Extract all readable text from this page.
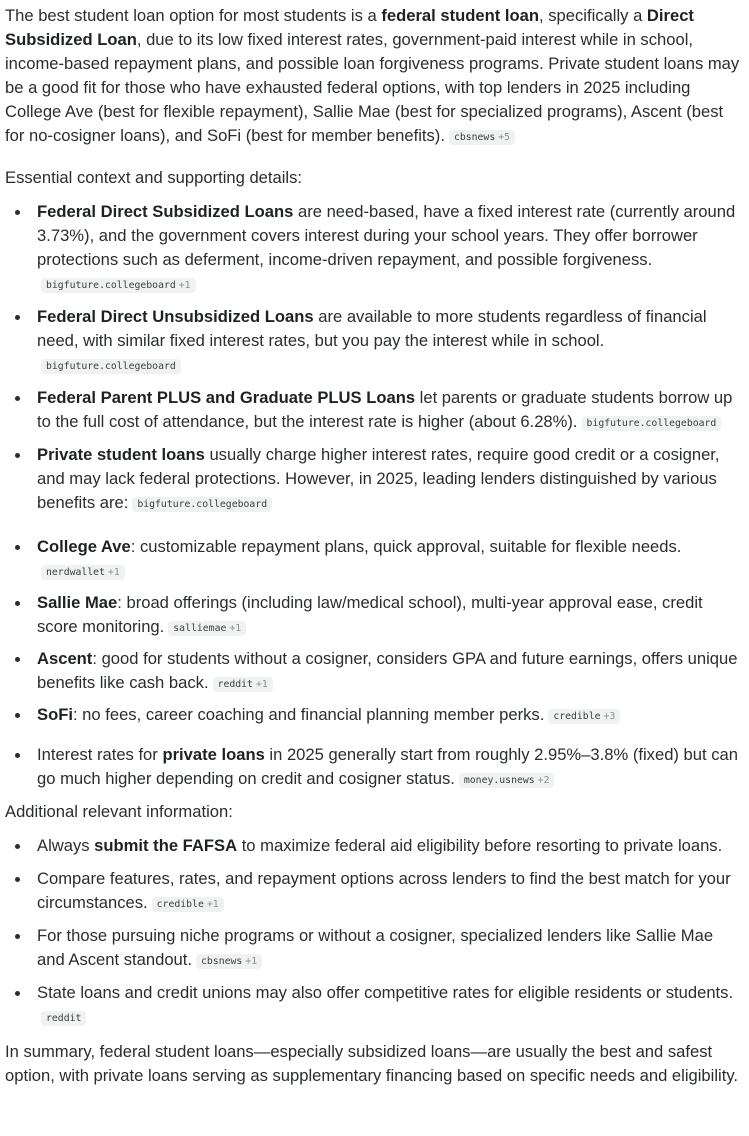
The best student loan option for most students is a federal student loan, specifically a Direct Subsidized Loan, due to its low fixed interest rates, government-paid interest while in school, income-based repayment plans, and possible loan forgiveness programs. Private student loans may be a good fit for those who have exhausted federal options, with top lenders in 2025 including College Ave (best for flexible repayment), Sallie Mae (best for specialized programs), Ascent (best for no-cosigner loans), and SoFi (best for member benefits). cbsnews +5

Essential context and supporting details:

Federal Direct Subsidized Loans are need-based, have a fixed interest rate (currently around 3.73%), and the government covers interest during your school years. They offer borrower protections such as deferment, income-driven repayment, and possible forgiveness.bigfuture.collegeboard +1
Federal Direct Unsubsidized Loans are available to more students regardless of financial need, with similar fixed interest rates, but you pay the interest while in school.bigfuture.collegeboard
Federal Parent PLUS and Graduate PLUS Loans let parents or graduate students borrow up to the full cost of attendance, but the interest rate is higher (about 6.28%). bigfuture.collegeboard
Private student loans usually charge higher interest rates, require good credit or a cosigner, and may lack federal protections. However, in 2025, leading lenders distinguished by various benefits are: bigfuture.collegeboard
College Ave: customizable repayment plans, quick approval, suitable for flexible needs.nerdwallet +1
Sallie Mae: broad offerings (including law/medical school), multi-year approval ease, credit score monitoring. salliemae +1
Ascent: good for students without a cosigner, considers GPA and future earnings, offers unique benefits like cash back. reddit +1
SoFi: no fees, career coaching and financial planning member perks. credible +3
Interest rates for private loans in 2025 generally start from roughly 2.95%–3.8% (fixed) but can go much higher depending on credit and cosigner status. money.usnews +2

Additional relevant information:

Always submit the FAFSA to maximize federal aid eligibility before resorting to private loans.
Compare features, rates, and repayment options across lenders to find the best match for your circumstances. credible +1
For those pursuing niche programs or without a cosigner, specialized lenders like Sallie Mae and Ascent standout. cbsnews +1
State loans and credit unions may also offer competitive rates for eligible residents or students.reddit

In summary, federal student loans—especially subsidized loans—are usually the best and safest option, with private loans serving as supplementary financing based on specific needs and eligibility.
